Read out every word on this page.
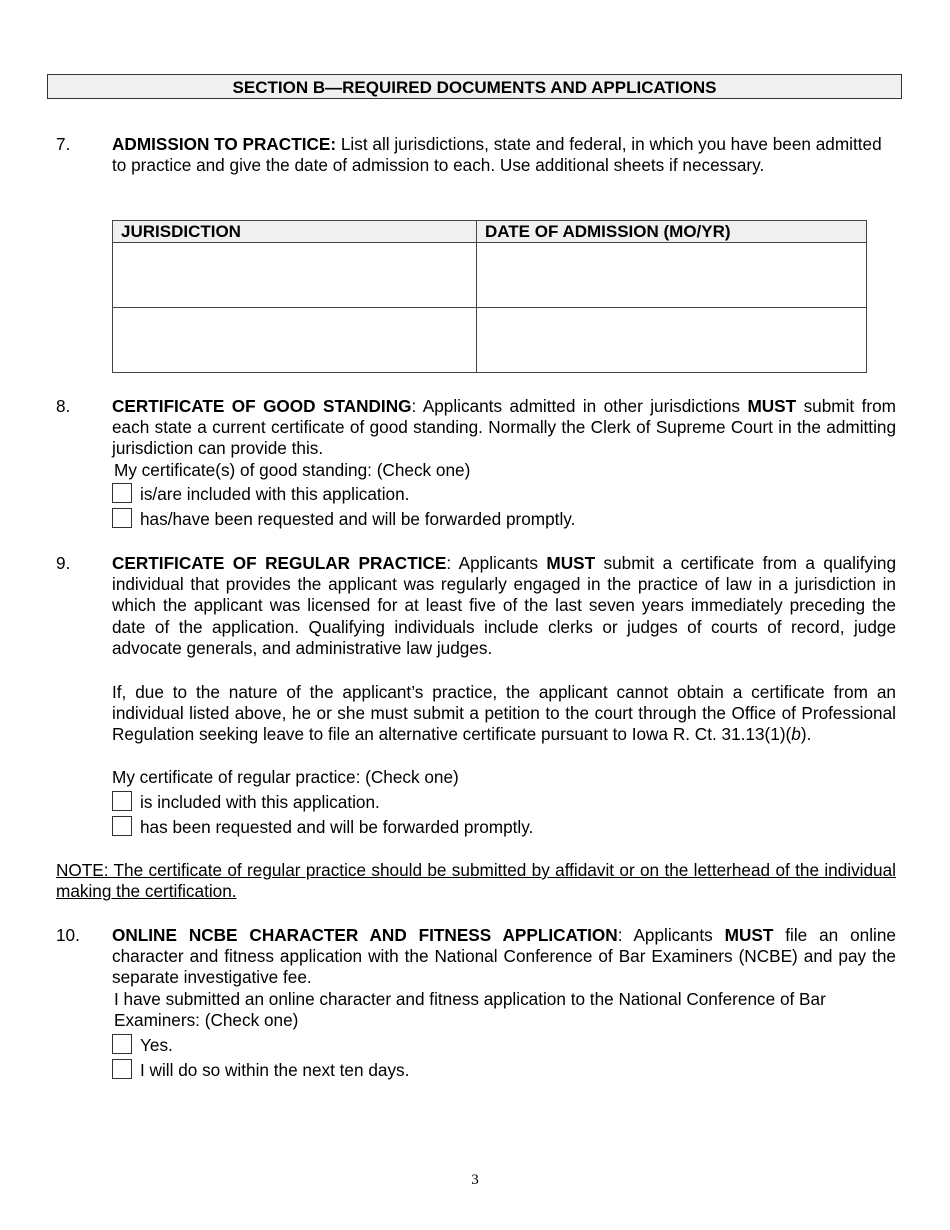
SECTION B—REQUIRED DOCUMENTS AND APPLICATIONS
7. ADMISSION TO PRACTICE: List all jurisdictions, state and federal, in which you have been admitted to practice and give the date of admission to each. Use additional sheets if necessary.
JURISDICTION	DATE OF ADMISSION (MO/YR)

8. CERTIFICATE OF GOOD STANDING: Applicants admitted in other jurisdictions MUST submit from each state a current certificate of good standing. Normally the Clerk of Supreme Court in the admitting jurisdiction can provide this.
My certificate(s) of good standing: (Check one)
is/are included with this application.
has/have been requested and will be forwarded promptly.
9. CERTIFICATE OF REGULAR PRACTICE: Applicants MUST submit a certificate from a qualifying individual that provides the applicant was regularly engaged in the practice of law in a jurisdiction in which the applicant was licensed for at least five of the last seven years immediately preceding the date of the application. Qualifying individuals include clerks or judges of courts of record, judge advocate generals, and administrative law judges.
If, due to the nature of the applicant’s practice, the applicant cannot obtain a certificate from an individual listed above, he or she must submit a petition to the court through the Office of Professional Regulation seeking leave to file an alternative certificate pursuant to Iowa R. Ct. 31.13(1)(b).
My certificate of regular practice: (Check one)
is included with this application.
has been requested and will be forwarded promptly.
NOTE: The certificate of regular practice should be submitted by affidavit or on the letterhead of the individual making the certification.
10. ONLINE NCBE CHARACTER AND FITNESS APPLICATION: Applicants MUST file an online character and fitness application with the National Conference of Bar Examiners (NCBE) and pay the separate investigative fee.
I have submitted an online character and fitness application to the National Conference of Bar Examiners: (Check one)
Yes.
I will do so within the next ten days.
3
